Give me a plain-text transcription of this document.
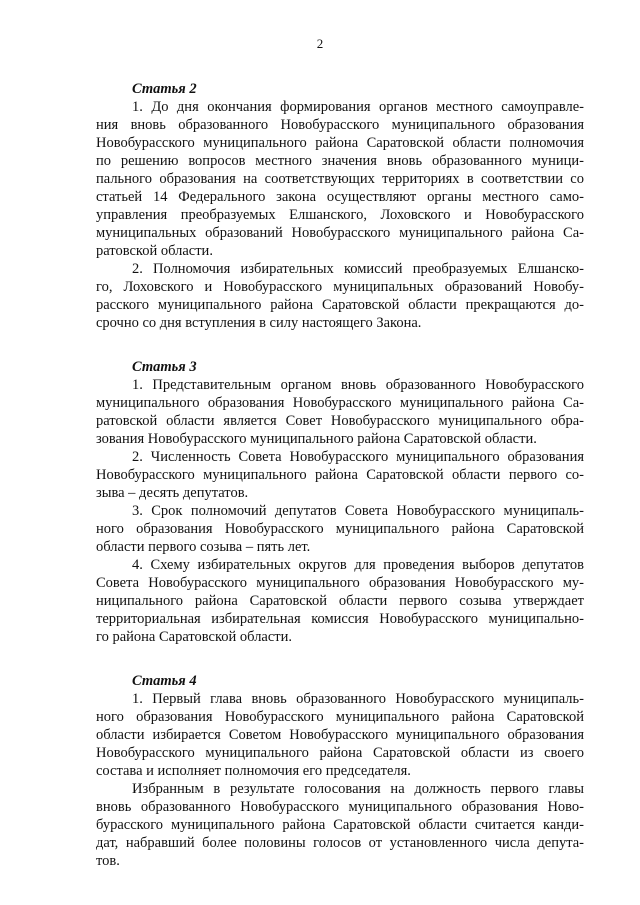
2
Статья 2
1. До дня окончания формирования органов местного самоуправле-
ния вновь образованного Новобурасского муниципального образования
Новобурасского муниципального района Саратовской области полномочия
по решению вопросов местного значения вновь образованного муници-
пального образования на соответствующих территориях в соответствии со
статьей 14 Федерального закона осуществляют органы местного само-
управления преобразуемых Елшанского, Лоховского и Новобурасского
муниципальных образований Новобурасского муниципального района Са-
ратовской области.
2. Полномочия избирательных комиссий преобразуемых Елшанско-
го, Лоховского и Новобурасского муниципальных образований Новобу-
расского муниципального района Саратовской области прекращаются до-
срочно со дня вступления в силу настоящего Закона.
Статья 3
1. Представительным органом вновь образованного Новобурасского
муниципального образования Новобурасского муниципального района Са-
ратовской области является Совет Новобурасского муниципального обра-
зования Новобурасского муниципального района Саратовской области.
2. Численность Совета Новобурасского муниципального образования
Новобурасского муниципального района Саратовской области первого со-
зыва – десять депутатов.
3. Срок полномочий депутатов Совета Новобурасского муниципаль-
ного образования Новобурасского муниципального района Саратовской
области первого созыва – пять лет.
4. Схему избирательных округов для проведения выборов депутатов
Совета Новобурасского муниципального образования Новобурасского му-
ниципального района Саратовской области первого созыва утверждает
территориальная избирательная комиссия Новобурасского муниципально-
го района Саратовской области.
Статья 4
1. Первый глава вновь образованного Новобурасского муниципаль-
ного образования Новобурасского муниципального района Саратовской
области избирается Советом Новобурасского муниципального образования
Новобурасского муниципального района Саратовской области из своего
состава и исполняет полномочия его председателя.
Избранным в результате голосования на должность первого главы
вновь образованного Новобурасского муниципального образования Ново-
бурасского муниципального района Саратовской области считается канди-
дат, набравший более половины голосов от установленного числа депута-
тов.
